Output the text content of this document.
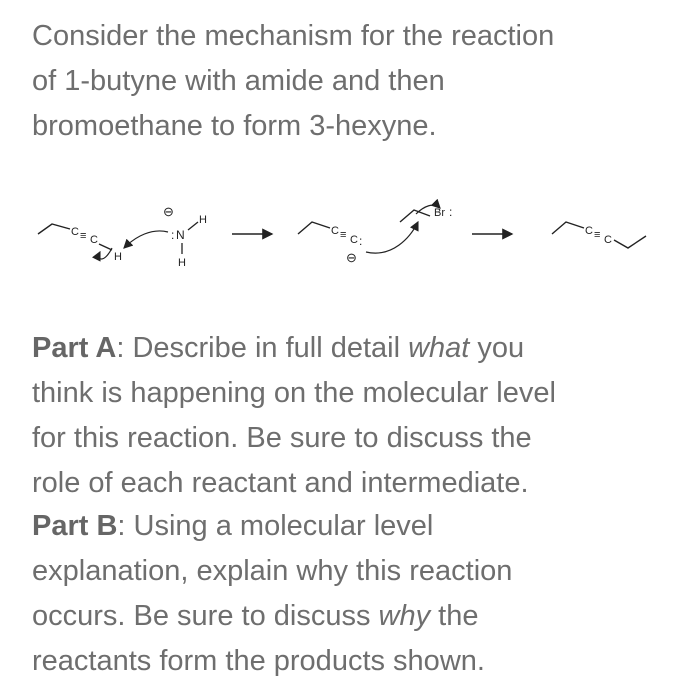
Consider the mechanism for the reaction
of 1-butyne with amide and then
bromoethane to form 3-hexyne.

C ≡ C
H
⊖
: N
H
H
C ≡ C :
⊖
Br :
C ≡ C

Part A: Describe in full detail what you
think is happening on the molecular level
for this reaction. Be sure to discuss the
role of each reactant and intermediate.

Part B: Using a molecular level
explanation, explain why this reaction
occurs. Be sure to discuss why the
reactants form the products shown.
